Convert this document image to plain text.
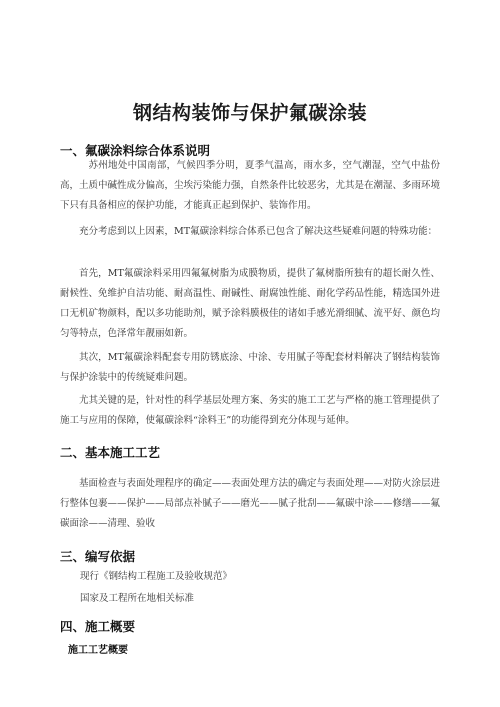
钢结构装饰与保护氟碳涂装
一、氟碳涂料综合体系说明

苏州地处中国南部，气候四季分明，夏季气温高，雨水多，空气潮湿，空气中盐份高，土质中碱性成分偏高，尘埃污染能力强，自然条件比较恶劣，尤其是在潮湿、多雨环境下只有具备相应的保护功能，才能真正起到保护、装饰作用。

充分考虑到以上因素，MT氟碳涂料综合体系已包含了解决这些疑难问题的特殊功能：

首先，MT氟碳涂料采用四氟氟树脂为成膜物质，提供了氟树脂所独有的超长耐久性、耐候性、免维护自洁功能、耐高温性、耐碱性、耐腐蚀性能、耐化学药品性能，精选国外进口无机矿物颜料，配以多功能助剂，赋予涂料膜极佳的诸如手感光滑细腻、流平好、颜色均匀等特点，色泽常年靓丽如新。

其次，MT氟碳涂料配套专用防锈底涂、中涂、专用腻子等配套材料解决了钢结构装饰与保护涂装中的传统疑难问题。

尤其关键的是，针对性的科学基层处理方案、务实的施工工艺与严格的施工管理提供了施工与应用的保障，使氟碳涂料“涂料王”的功能得到充分体现与延伸。

二、基本施工工艺

基面检查与表面处理程序的确定——表面处理方法的确定与表面处理——对防火涂层进行整体包裹——保护——局部点补腻子——磨光——腻子批刮——氟碳中涂——修缮——氟碳面涂——清理、验收

三、编写依据
现行《钢结构工程施工及验收规范》
国家及工程所在地相关标准
四、施工概要
施工工艺概要
